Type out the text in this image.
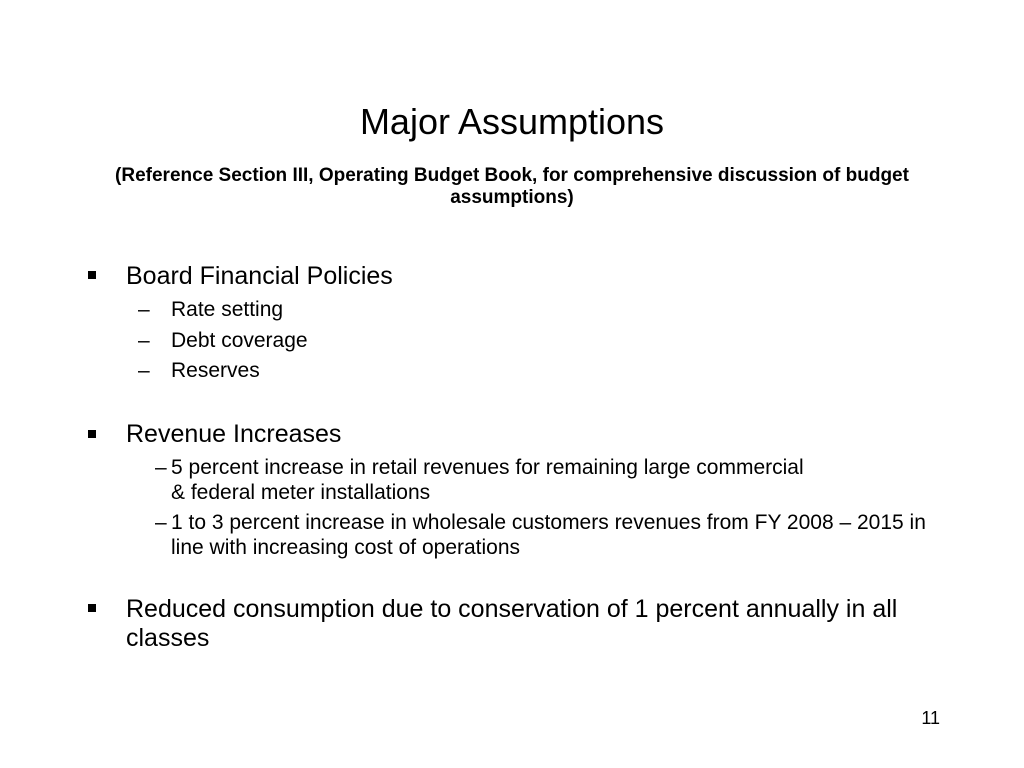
Major Assumptions
(Reference Section III, Operating Budget Book, for comprehensive discussion of budget assumptions)
Board Financial Policies
– Rate setting
– Debt coverage
– Reserves
Revenue Increases
– 5 percent increase in retail revenues for remaining large commercial & federal meter installations
– 1 to 3 percent increase in wholesale customers revenues from FY 2008 – 2015 in line with increasing cost of operations
Reduced consumption due to conservation of 1 percent annually in all classes
11
